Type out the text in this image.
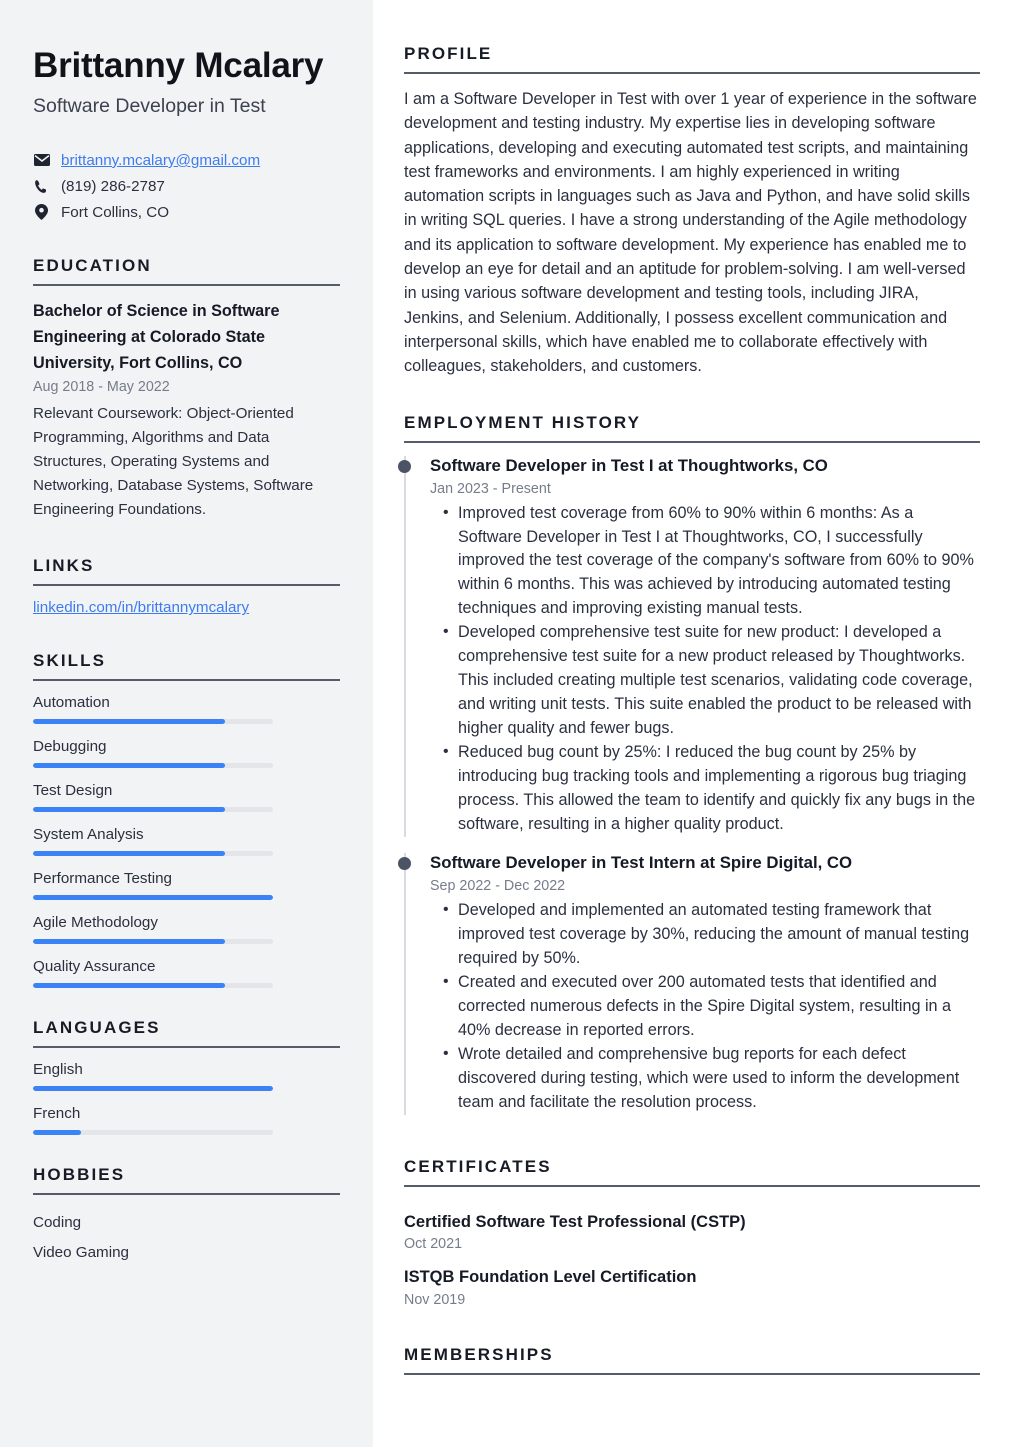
Brittanny Mcalary
Software Developer in Test
brittanny.mcalary@gmail.com
(819) 286-2787
Fort Collins, CO
EDUCATION
Bachelor of Science in Software Engineering at Colorado State University, Fort Collins, CO
Aug 2018 - May 2022
Relevant Coursework: Object-Oriented Programming, Algorithms and Data Structures, Operating Systems and Networking, Database Systems, Software Engineering Foundations.
LINKS
linkedin.com/in/brittannymcalary
SKILLS
Automation
Debugging
Test Design
System Analysis
Performance Testing
Agile Methodology
Quality Assurance
LANGUAGES
English
French
HOBBIES
Coding
Video Gaming
PROFILE

I am a Software Developer in Test with over 1 year of experience in the software development and testing industry. My expertise lies in developing software applications, developing and executing automated test scripts, and maintaining test frameworks and environments. I am highly experienced in writing automation scripts in languages such as Java and Python, and have solid skills in writing SQL queries. I have a strong understanding of the Agile methodology and its application to software development. My experience has enabled me to develop an eye for detail and an aptitude for problem-solving. I am well-versed in using various software development and testing tools, including JIRA, Jenkins, and Selenium. Additionally, I possess excellent communication and interpersonal skills, which have enabled me to collaborate effectively with colleagues, stakeholders, and customers.

EMPLOYMENT HISTORY
Software Developer in Test I at Thoughtworks, CO
Jan 2023 - Present
• Improved test coverage from 60% to 90% within 6 months: As a Software Developer in Test I at Thoughtworks, CO, I successfully improved the test coverage of the company's software from 60% to 90% within 6 months. This was achieved by introducing automated testing techniques and improving existing manual tests.
• Developed comprehensive test suite for new product: I developed a comprehensive test suite for a new product released by Thoughtworks. This included creating multiple test scenarios, validating code coverage, and writing unit tests. This suite enabled the product to be released with higher quality and fewer bugs.
• Reduced bug count by 25%: I reduced the bug count by 25% by introducing bug tracking tools and implementing a rigorous bug triaging process. This allowed the team to identify and quickly fix any bugs in the software, resulting in a higher quality product.
Software Developer in Test Intern at Spire Digital, CO
Sep 2022 - Dec 2022
• Developed and implemented an automated testing framework that improved test coverage by 30%, reducing the amount of manual testing required by 50%.
• Created and executed over 200 automated tests that identified and corrected numerous defects in the Spire Digital system, resulting in a 40% decrease in reported errors.
• Wrote detailed and comprehensive bug reports for each defect discovered during testing, which were used to inform the development team and facilitate the resolution process.
CERTIFICATES
Certified Software Test Professional (CSTP)
Oct 2021
ISTQB Foundation Level Certification
Nov 2019
MEMBERSHIPS
